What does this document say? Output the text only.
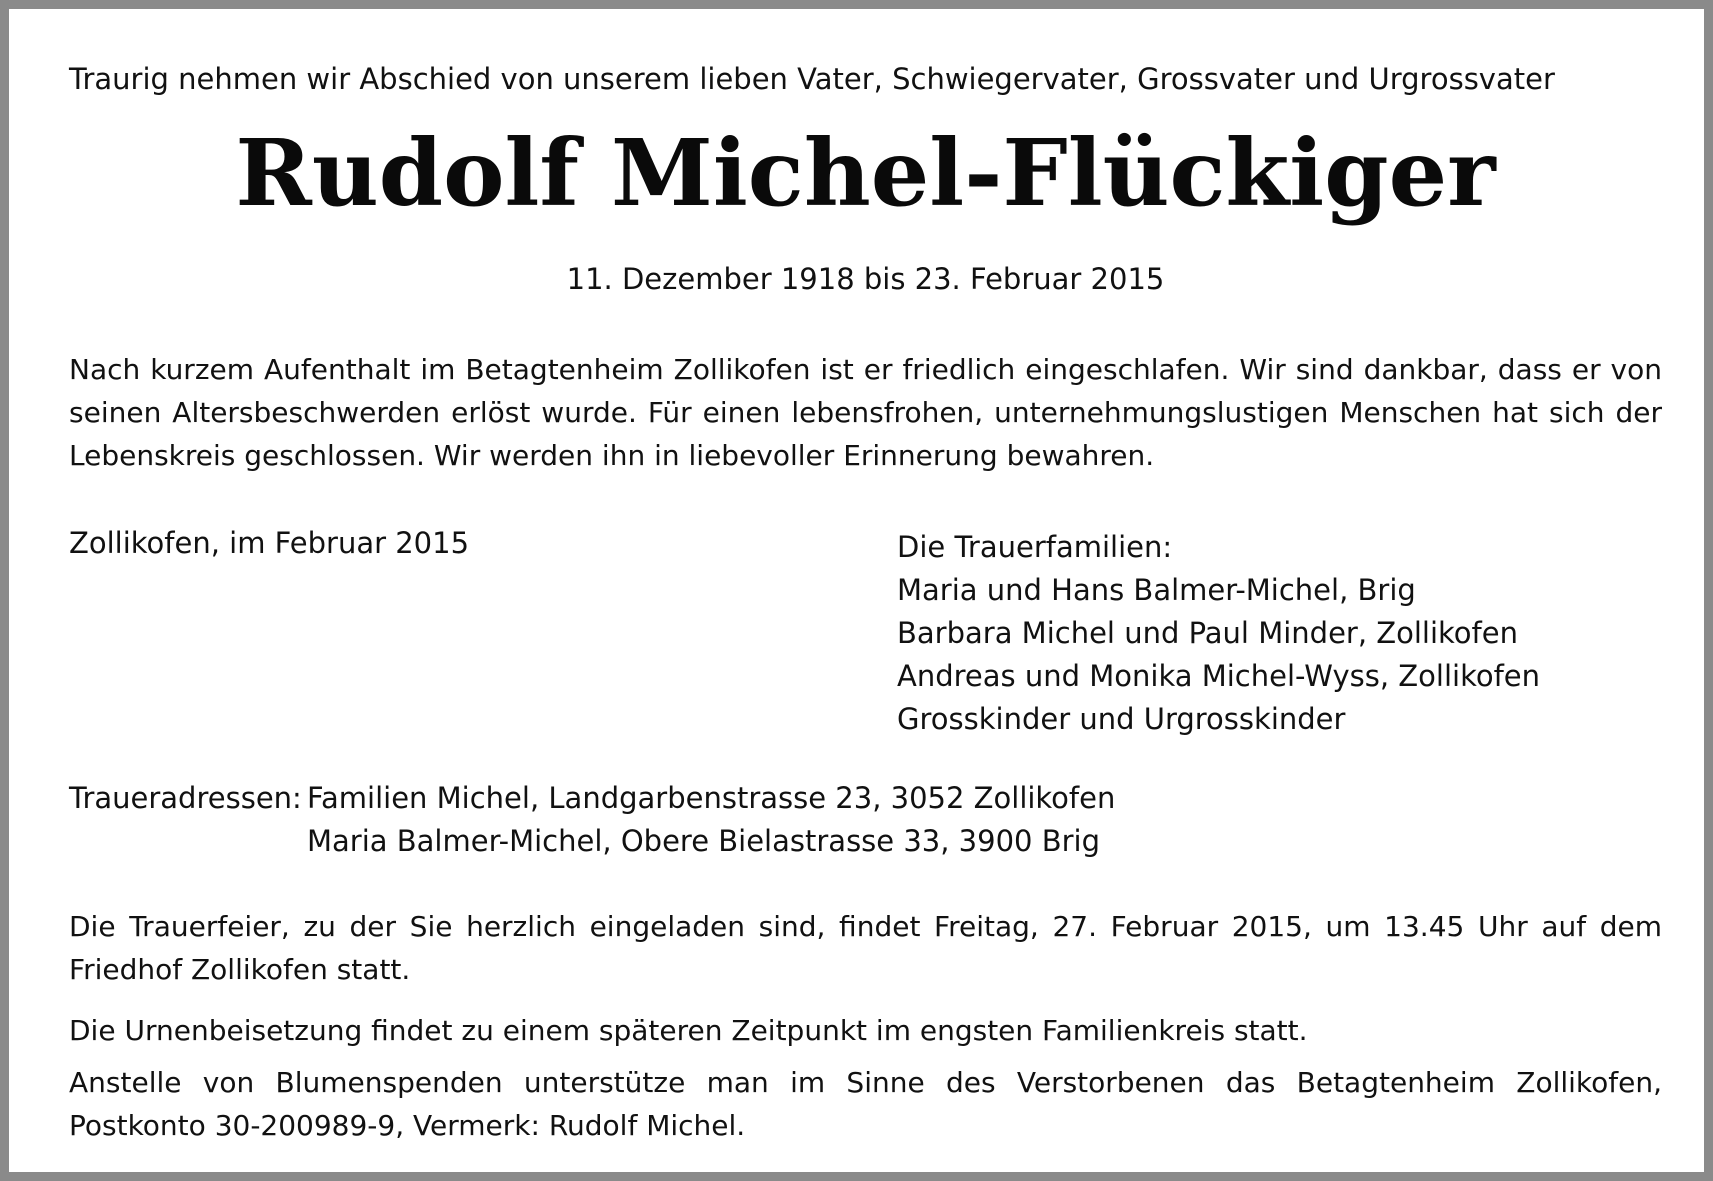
Traurig nehmen wir Abschied von unserem lieben Vater, Schwiegervater, Grossvater und Urgrossvater

Rudolf Michel-Flückiger

11. Dezember 1918 bis 23. Februar 2015

Nach kurzem Aufenthalt im Betagtenheim Zollikofen ist er friedlich eingeschlafen. Wir sind dankbar, dass er von seinen Altersbeschwerden erlöst wurde. Für einen lebensfrohen, unternehmungslustigen Menschen hat sich der Lebenskreis geschlossen. Wir werden ihn in liebevoller Erinnerung bewahren.

Zollikofen, im Februar 2015	Die Trauerfamilien:
Maria und Hans Balmer-Michel, Brig
Barbara Michel und Paul Minder, Zollikofen
Andreas und Monika Michel-Wyss, Zollikofen
Grosskinder und Urgrosskinder

Traueradressen: Familien Michel, Landgarbenstrasse 23, 3052 Zollikofen
Maria Balmer-Michel, Obere Bielastrasse 33, 3900 Brig

Die Trauerfeier, zu der Sie herzlich eingeladen sind, findet Freitag, 27. Februar 2015, um 13.45 Uhr auf dem Friedhof Zollikofen statt.

Die Urnenbeisetzung findet zu einem späteren Zeitpunkt im engsten Familienkreis statt.

Anstelle von Blumenspenden unterstütze man im Sinne des Verstorbenen das Betagtenheim Zollikofen, Postkonto 30-200989-9, Vermerk: Rudolf Michel.
